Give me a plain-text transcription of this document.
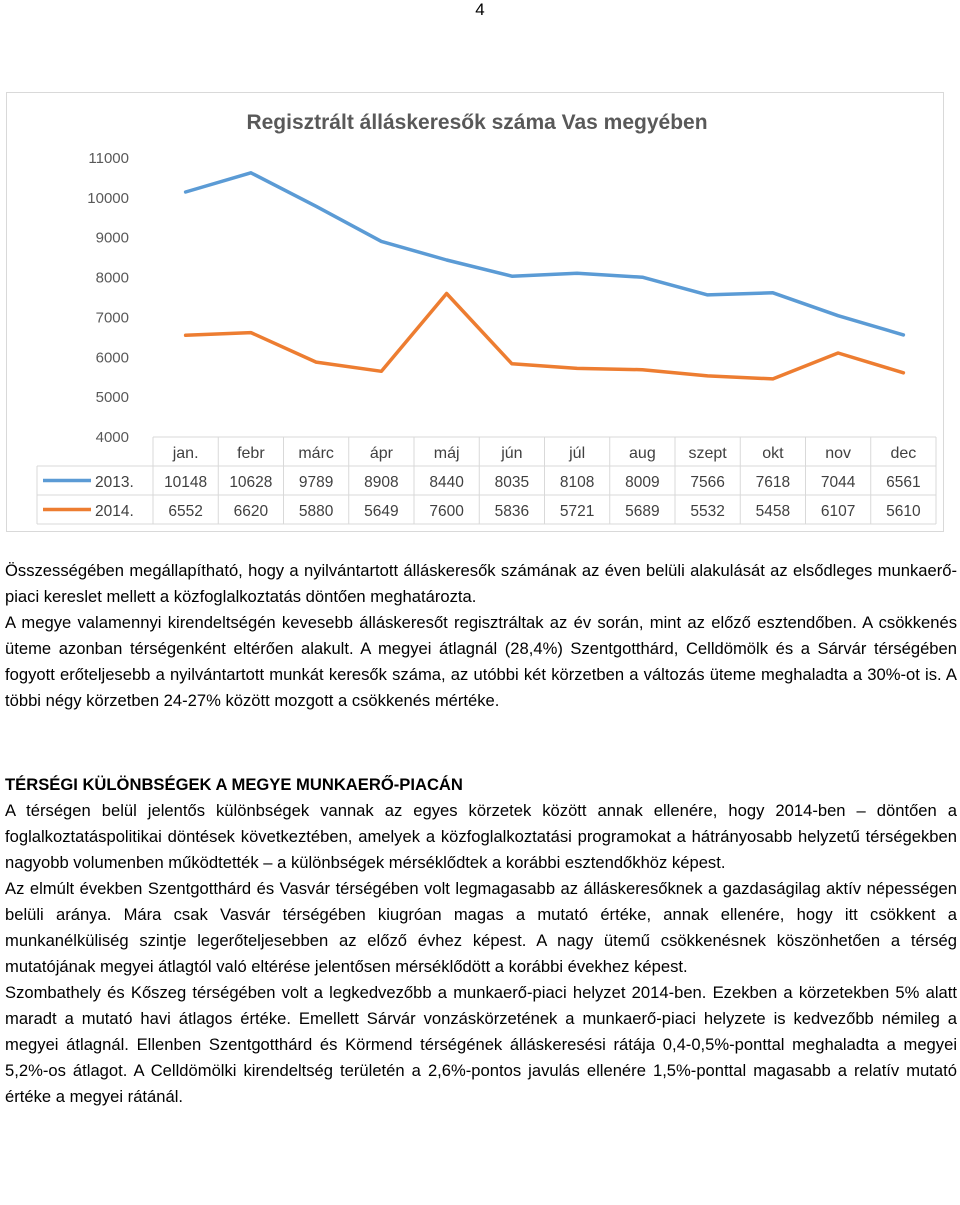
4
Regisztrált álláskeresők száma Vas megyében
4000
5000
6000
7000
8000
9000
10000
11000
jan. febr márc ápr	máj	jún	júl	aug szept okt	nov dec
2013. 10148 10628 9789 8908 8440 8035 8108 8009 7566 7618 7044 6561
2014. 6552 6620 5880 5649 7600 5836 5721 5689 5532 5458 6107 5610

Összességében megállapítható, hogy a nyilvántartott álláskeresők számának az éven belüli alakulását az elsődleges munkaerő-piaci kereslet mellett a közfoglalkoztatás döntően meghatározta.

A megye valamennyi kirendeltségén kevesebb álláskeresőt regisztráltak az év során, mint az előző esztendőben. A csökkenés üteme azonban térségenként eltérően alakult. A megyei átlagnál (28,4%) Szentgotthárd, Celldömölk és a Sárvár térségében fogyott erőteljesebb a nyilvántartott munkát keresők száma, az utóbbi két körzetben a változás üteme meghaladta a 30%-ot is. A többi négy körzetben 24-27% között mozgott a csökkenés mértéke.

TÉRSÉGI KÜLÖNBSÉGEK A MEGYE MUNKAERŐ-PIACÁN

A térségen belül jelentős különbségek vannak az egyes körzetek között annak ellenére, hogy 2014-ben – döntően a foglalkoztatáspolitikai döntések következtében, amelyek a közfoglalkoztatási programokat a hátrányosabb helyzetű térségekben nagyobb volumenben működtették – a különbségek mérséklődtek a korábbi esztendőkhöz képest.

Az elmúlt években Szentgotthárd és Vasvár térségében volt legmagasabb az álláskeresőknek a gazdaságilag aktív népességen belüli aránya. Mára csak Vasvár térségében kiugróan magas a mutató értéke, annak ellenére, hogy itt csökkent a munkanélküliség szintje legerőteljesebben az előző évhez képest. A nagy ütemű csökkenésnek köszönhetően a térség mutatójának megyei átlagtól való eltérése jelentősen mérséklődött a korábbi évekhez képest.

Szombathely és Kőszeg térségében volt a legkedvezőbb a munkaerő-piaci helyzet 2014-ben. Ezekben a körzetekben 5% alatt maradt a mutató havi átlagos értéke. Emellett Sárvár vonzáskörzetének a munkaerő-piaci helyzete is kedvezőbb némileg a megyei átlagnál. Ellenben Szentgotthárd és Körmend térségének álláskeresési rátája 0,4-0,5%-ponttal meghaladta a megyei 5,2%-os átlagot. A Celldömölki kirendeltség területén a 2,6%-pontos javulás ellenére 1,5%-ponttal magasabb a relatív mutató értéke a megyei rátánál.
